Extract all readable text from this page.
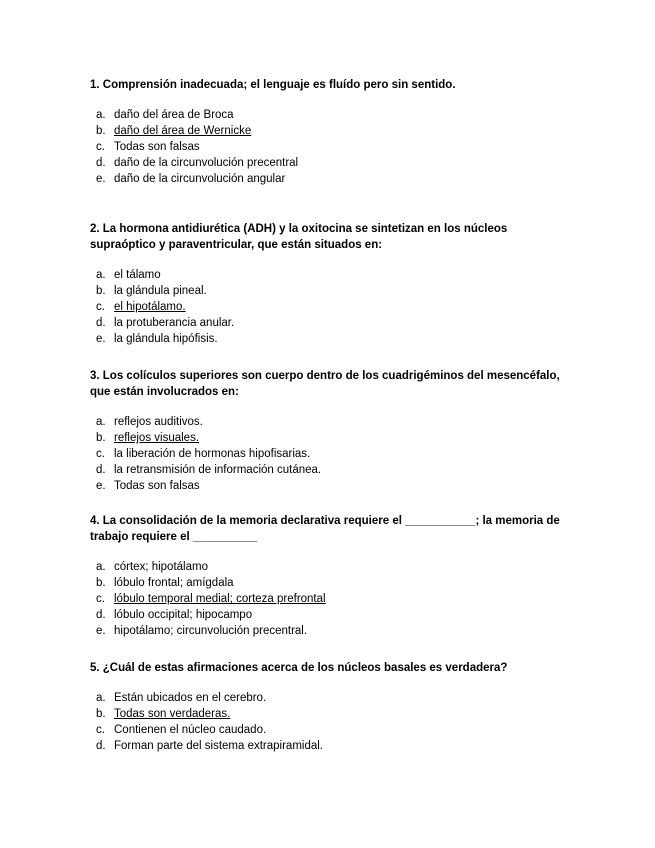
1. Comprensión inadecuada; el lenguaje es fluído pero sin sentido.

a. daño del área de Broca
b. daño del área de Wernicke
c. Todas son falsas
d. daño de la circunvolución precentral
e. daño de la circunvolución angular

2. La hormona antidiurética (ADH) y la oxitocina se sintetizan en los núcleos supraóptico y paraventricular, que están situados en:

a. el tálamo
b. la glándula pineal.
c. el hipotálamo.
d. la protuberancia anular.
e. la glándula hipófisis.

3. Los colículos superiores son cuerpo dentro de los cuadrigéminos del mesencéfalo, que están involucrados en:

a. reflejos auditivos.
b. reflejos visuales.
c. la liberación de hormonas hipofisarias.
d. la retransmisión de información cutánea.
e. Todas son falsas

4. La consolidación de la memoria declarativa requiere el ___________; la memoria de trabajo requiere el __________

a. córtex; hipotálamo
b. lóbulo frontal; amígdala
c. lóbulo temporal medial; corteza prefrontal
d. lóbulo occipital; hipocampo
e. hipotálamo; circunvolución precentral.

5. ¿Cuál de estas afirmaciones acerca de los núcleos basales es verdadera?

a. Están ubicados en el cerebro.
b. Todas son verdaderas.
c. Contienen el núcleo caudado.
d. Forman parte del sistema extrapiramidal.
